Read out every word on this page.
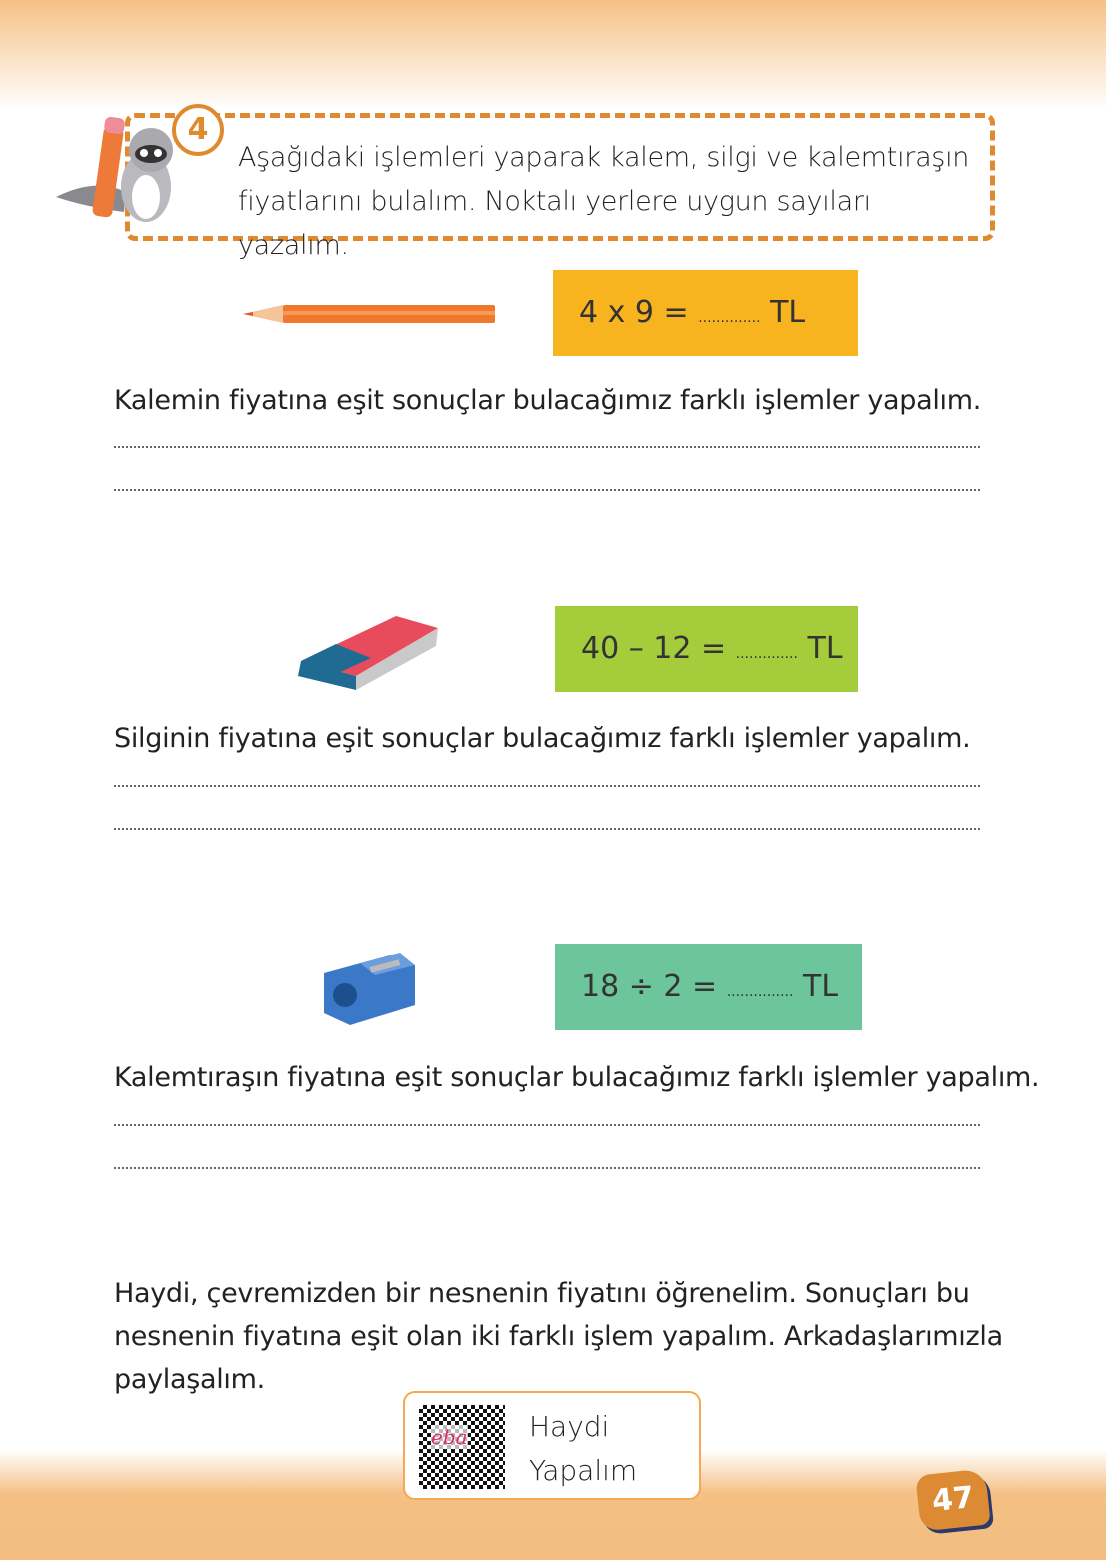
4
Aşağıdaki işlemleri yaparak kalem, silgi ve kalemtıraşın fiyatlarını bulalım. Noktalı yerlere uygun sayıları yazalım.
4 x 9 = .............. TL
Kalemin fiyatına eşit sonuçlar bulacağımız farklı işlemler yapalım.
40 – 12 = .............. TL
Silginin fiyatına eşit sonuçlar bulacağımız farklı işlemler yapalım.
18 ÷ 2 = ............... TL
Kalemtıraşın fiyatına eşit sonuçlar bulacağımız farklı işlemler yapalım.
Haydi, çevremizden bir nesnenin fiyatını öğrenelim. Sonuçları bu nesnenin fiyatına eşit olan iki farklı işlem yapalım. Arkadaşlarımızla paylaşalım.
eba Haydi
Yapalım
47
